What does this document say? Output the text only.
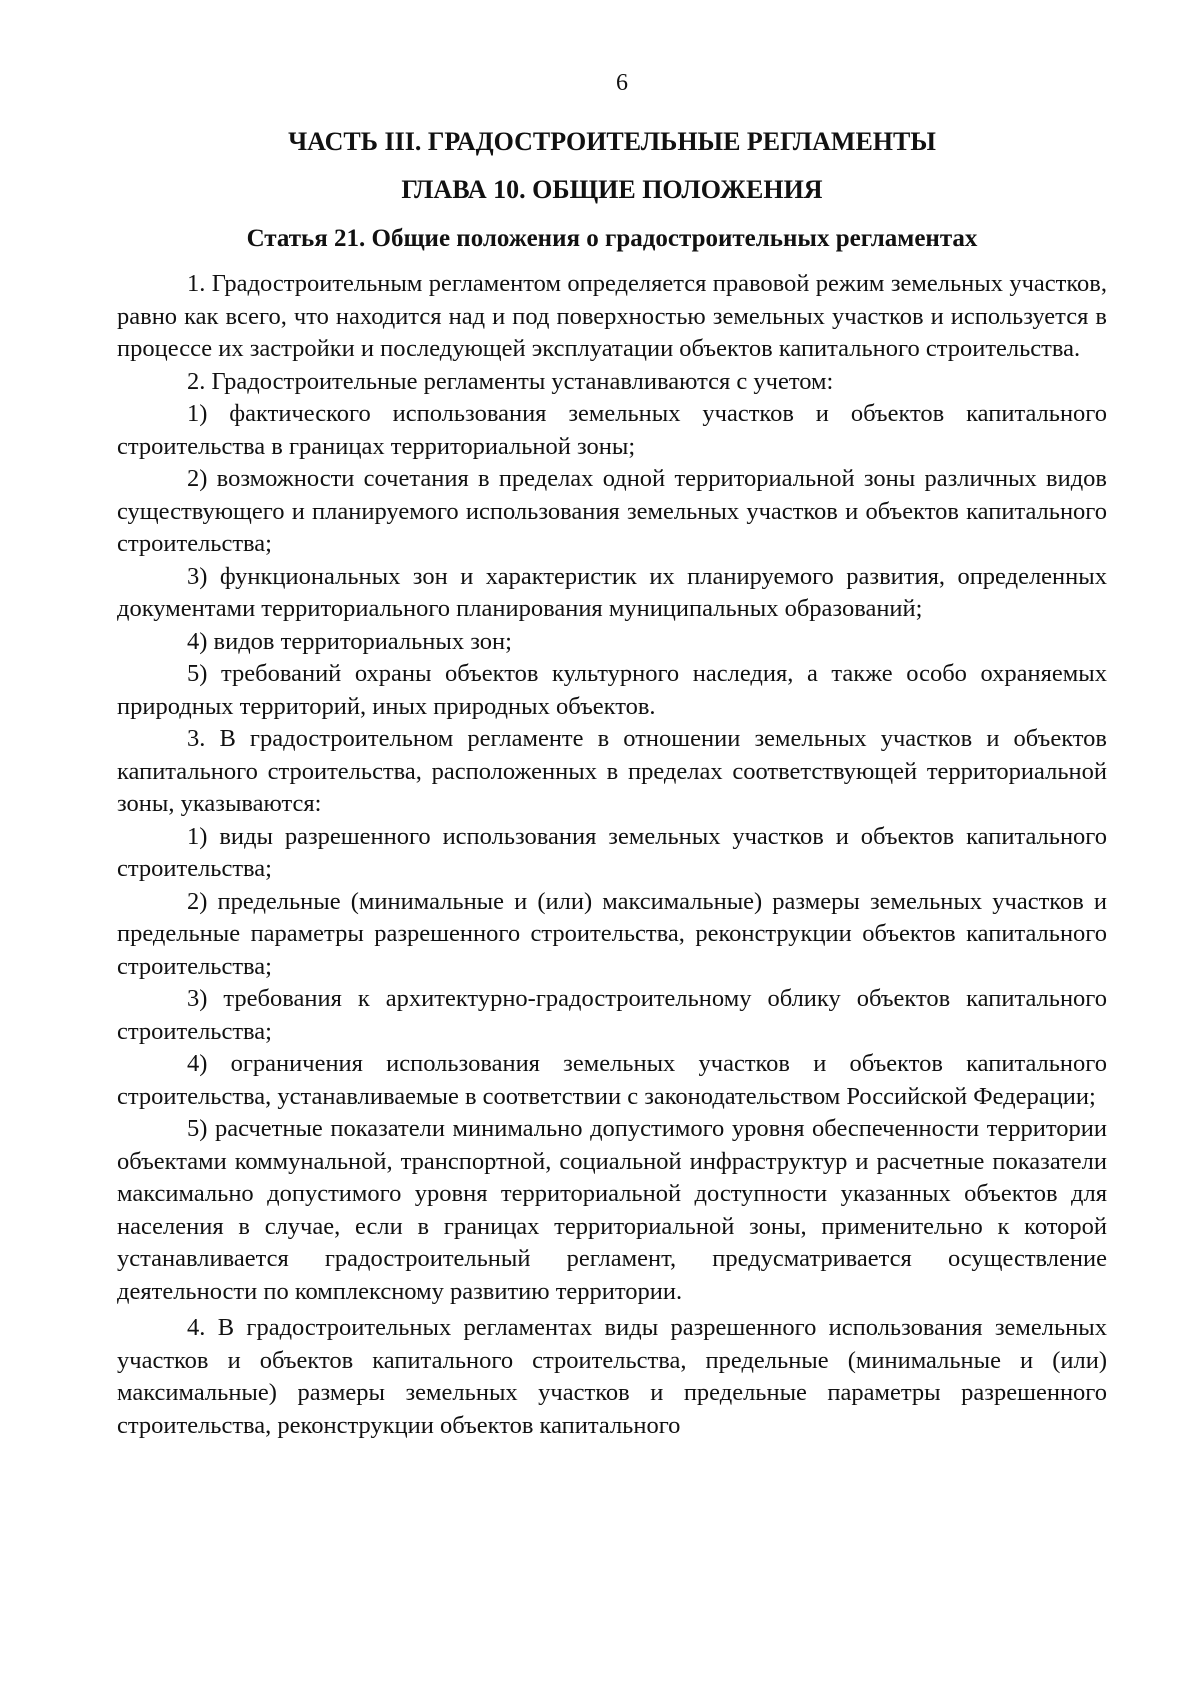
6
ЧАСТЬ III. ГРАДОСТРОИТЕЛЬНЫЕ РЕГЛАМЕНТЫ
ГЛАВА 10. ОБЩИЕ ПОЛОЖЕНИЯ
Статья 21. Общие положения о градостроительных регламентах

1. Градостроительным регламентом определяется правовой режим земельных участков, равно как всего, что находится над и под поверхностью земельных участков и используется в процессе их застройки и последующей эксплуатации объектов капитального строительства.

2. Градостроительные регламенты устанавливаются с учетом:

1) фактического использования земельных участков и объектов капитального строительства в границах территориальной зоны;

2) возможности сочетания в пределах одной территориальной зоны различных видов существующего и планируемого использования земельных участков и объектов капитального строительства;

3) функциональных зон и характеристик их планируемого развития, определенных документами территориального планирования муниципальных образований;

4) видов территориальных зон;

5) требований охраны объектов культурного наследия, а также особо охраняемых природных территорий, иных природных объектов.

3. В градостроительном регламенте в отношении земельных участков и объектов капитального строительства, расположенных в пределах соответствующей территориальной зоны, указываются:

1) виды разрешенного использования земельных участков и объектов капитального строительства;

2) предельные (минимальные и (или) максимальные) размеры земельных участков и предельные параметры разрешенного строительства, реконструкции объектов капитального строительства;

3) требования к архитектурно-градостроительному облику объектов капитального строительства;

4) ограничения использования земельных участков и объектов капитального строительства, устанавливаемые в соответствии с законодательством Российской Федерации;

5) расчетные показатели минимально допустимого уровня обеспеченности территории объектами коммунальной, транспортной, социальной инфраструктур и расчетные показатели максимально допустимого уровня территориальной доступности указанных объектов для населения в случае, если в границах территориальной зоны, применительно к которой устанавливается градостроительный регламент, предусматривается осуществление деятельности по комплексному развитию территории.

4. В градостроительных регламентах виды разрешенного использования земельных участков и объектов капитального строительства, предельные (минимальные и (или) максимальные) размеры земельных участков и предельные параметры разрешенного строительства, реконструкции объектов капитального
